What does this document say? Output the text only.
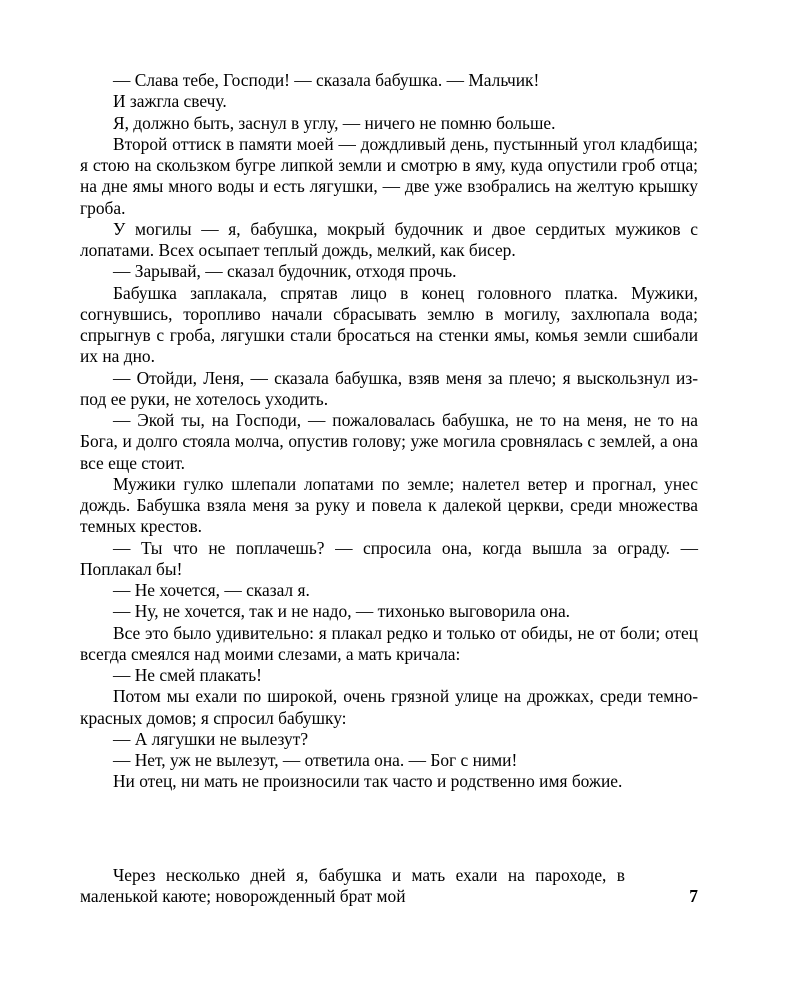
— Слава тебе, Господи! — сказала бабушка. — Мальчик!

И зажгла свечу.

Я, должно быть, заснул в углу, — ничего не помню больше.

Второй оттиск в памяти моей — дождливый день, пустынный угол кладбища; я стою на скользком бугре липкой земли и смотрю в яму, куда опустили гроб отца; на дне ямы много воды и есть лягушки, — две уже взобрались на желтую крышку гроба.

У могилы — я, бабушка, мокрый будочник и двое сердитых мужиков с лопатами. Всех осыпает теплый дождь, мелкий, как бисер.

— Зарывай, — сказал будочник, отходя прочь.

Бабушка заплакала, спрятав лицо в конец головного платка. Мужики, согнувшись, торопливо начали сбрасывать землю в могилу, захлюпала вода; спрыгнув с гроба, лягушки стали бросаться на стенки ямы, комья земли сшибали их на дно.

— Отойди, Леня, — сказала бабушка, взяв меня за плечо; я выскользнул из-под ее руки, не хотелось уходить.

— Экой ты, на Господи, — пожаловалась бабушка, не то на меня, не то на Бога, и долго стояла молча, опустив голову; уже могила сровнялась с землей, а она все еще стоит.

Мужики гулко шлепали лопатами по земле; налетел ветер и прогнал, унес дождь. Бабушка взяла меня за руку и повела к далекой церкви, среди множества темных крестов.

— Ты что не поплачешь? — спросила она, когда вышла за ограду. — Поплакал бы!

— Не хочется, — сказал я.

— Ну, не хочется, так и не надо, — тихонько выговорила она.

Все это было удивительно: я плакал редко и только от обиды, не от боли; отец всегда смеялся над моими слезами, а мать кричала:

— Не смей плакать!

Потом мы ехали по широкой, очень грязной улице на дрожках, среди темно-красных домов; я спросил бабушку:

— А лягушки не вылезут?

— Нет, уж не вылезут, — ответила она. — Бог с ними!

Ни отец, ни мать не произносили так часто и родственно имя божие.

Через несколько дней я, бабушка и мать ехали на пароходе, в маленькой каюте; новорожденный брат мой	7
